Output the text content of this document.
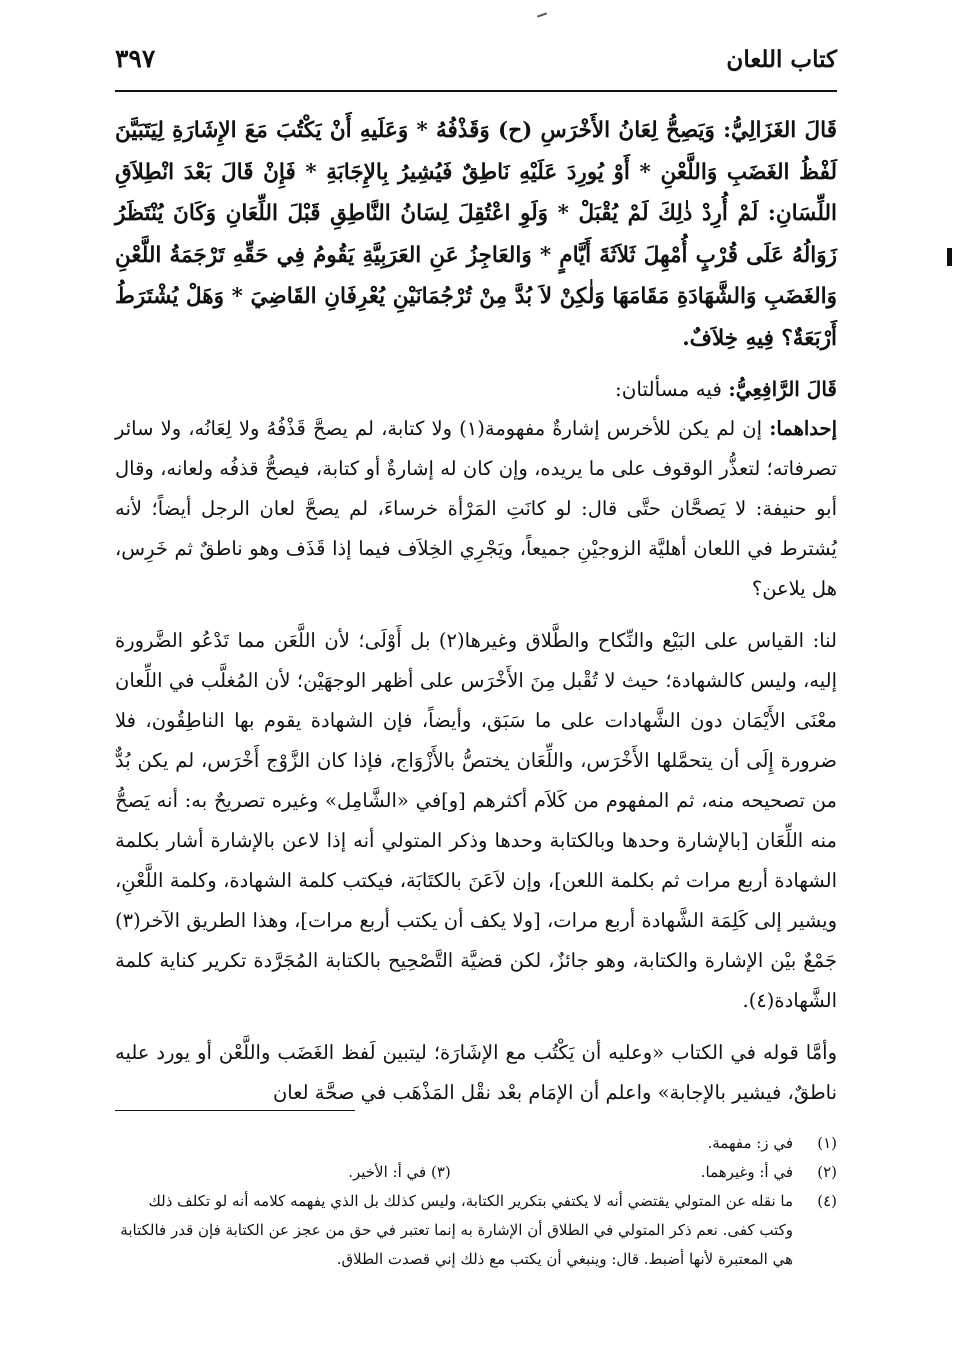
كتاب اللعان
٣٩٧
قَالَ الغَزَالِيُّ: وَيَصِحُّ لِعَانُ الأَخْرَسِ (ح) وَقَذْفُهُ * وَعَلَيهِ أَنْ يَكْتُبَ مَعَ الإِشَارَةِ لِيَتَبَيَّنَ لَفْظُ الغَضَبِ وَاللَّعْنِ * أَوْ يُورِدَ عَلَيْهِ نَاطِقٌ فَيُشِيرُ بِالإِجَابَةِ * فَإِنْ قَالَ بَعْدَ انْطِلاَقِ اللِّسَانِ: لَمْ أُرِدْ ذٰلِكَ لَمْ يُقْبَلْ * وَلَوِ اعْتُقِلَ لِسَانُ النَّاطِقِ قَبْلَ اللِّعَانِ وَكَانَ يُنْتَظَرُ زَوَالُهُ عَلَى قُرْبٍ أُمْهِلَ ثَلاَثَةَ أَيَّامٍ * وَالعَاجِزُ عَنِ العَرَبِيَّةِ يَقُومُ فِي حَقِّهِ تَرْجَمَةُ اللَّعْنِ وَالغَضَبِ وَالشَّهَادَةِ مَقَامَهَا وَلٰكِنْ لاَ بُدَّ مِنْ تُرْجُمَانَيْنِ يُعْرِفَانِ القَاضِيَ * وَهَلْ يُشْتَرَطُ أَرْبَعَةٌ؟ فِيهِ خِلاَفٌ.
قَالَ الرَّافِعِيُّ: فيه مسألتان:

إحداهما: إن لم يكن للأخرس إشارةٌ مفهومة(١) ولا كتابة، لم يصحَّ قَذْفُهُ ولا لِعَانُه، ولا سائر تصرفاته؛ لتعذُّر الوقوف على ما يريده، وإن كان له إشارةٌ أو كتابة، فيصحُّ قذفُه ولعانه، وقال أبو حنيفة: لا يَصحَّان حتَّى قال: لو كانَتِ المَرْأة خرساءَ، لم يصحَّ لعان الرجل أيضاً؛ لأنه يُشترط في اللعان أهليَّة الزوجيْنِ جميعاً، ويَجْرِي الخِلاَف فيما إذا قَذَف وهو ناطقٌ ثم خَرِس، هل يلاعن؟

لنا: القياس على البَيْع والنِّكاح والطَّلاق وغيرها(٢) بل أَوْلَى؛ لأن اللَّعَن مما تَدْعُو الضَّرورة إليه، وليس كالشهادة؛ حيث لا تُقْبل مِنَ الأَخْرَس على أظهر الوجهَيْن؛ لأن المُغلَّب في اللِّعان معْنَى الأَيْمَان دون الشَّهادات على ما سَبَق، وأيضاً، فإن الشهادة يقوم بها الناطِقُون، فلا ضرورة إِلَى أن يتحمَّلها الأَخْرَس، واللِّعَان يختصُّ بالأَزْوَاج، فإذا كان الزَّوْج أَخْرَس، لم يكن بُدٌّ من تصحيحه منه، ثم المفهوم من كَلاَم أكثرهم [و]في «الشَّامِل» وغيره تصريحٌ به: أنه يَصحُّ منه اللِّعَان [بالإشارة وحدها وبالكتابة وحدها وذكر المتولي أنه إذا لاعن بالإشارة أشار بكلمة الشهادة أربع مرات ثم بكلمة اللعن]، وإن لاَعَنَ بالكتَابَة، فيكتب كلمة الشهادة، وكلمة اللَّعْنِ، ويشير إلى كَلِمَة الشَّهادة أربع مرات، [ولا يكف أن يكتب أربع مرات]، وهذا الطريق الآخر(٣) جَمْعٌ بيْن الإشارة والكتابة، وهو جائزٌ، لكن قضيَّة التَّصْحِيح بالكتابة المُجَرَّدة تكرير كناية كلمة الشَّهادة(٤).

وأمَّا قوله في الكتاب «وعليه أن يَكْتُب مع الإشَارَة؛ ليتبين لَفظ الغَضَب واللَّعْن أو يورد عليه ناطقٌ، فيشير بالإجابة» واعلم أن الإمَام بعْد نقْل المَذْهَب في صحَّة لعان

(١)
في ز: مفهمة.
(٢)
في أ: وغيرهما.
(٣) في أ: الأخير.
(٤)
ما نقله عن المتولي يقتضي أنه لا يكتفي بتكرير الكتابة، وليس كذلك بل الذي يفهمه كلامه أنه لو تكلف ذلك وكتب كفى. نعم ذكر المتولي في الطلاق أن الإشارة به إنما تعتبر في حق من عجز عن الكتابة فإن قدر فالكتابة هي المعتبرة لأنها أضبط. قال: وينبغي أن يكتب مع ذلك إني قصدت الطلاق.
